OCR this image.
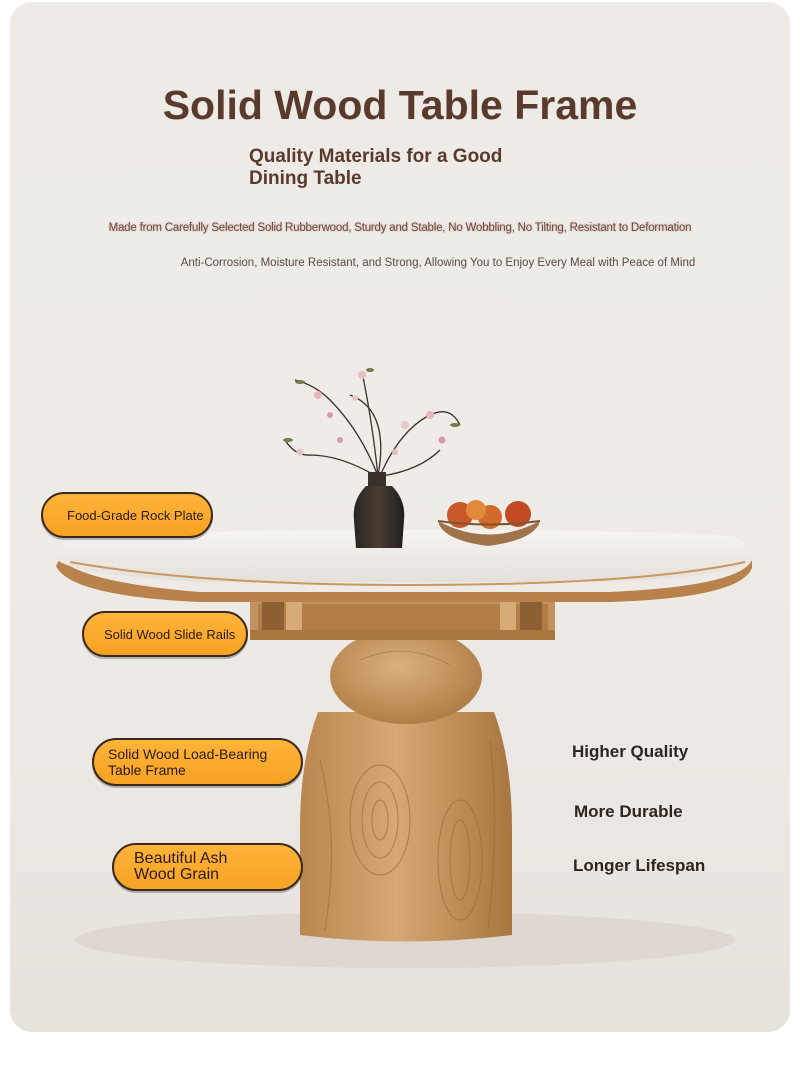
Solid Wood Table Frame
Quality Materials for a Good
Dining Table
Made from Carefully Selected Solid Rubberwood, Sturdy and Stable, No Wobbling, No Tilting, Resistant to Deformation
Anti-Corrosion, Moisture Resistant, and Strong, Allowing You to Enjoy Every Meal with Peace of Mind
Food-Grade Rock Plate
Solid Wood Slide Rails
Solid Wood Load-Bearing
Table Frame
Beautiful Ash
Wood Grain
Higher Quality
More Durable
Longer Lifespan
